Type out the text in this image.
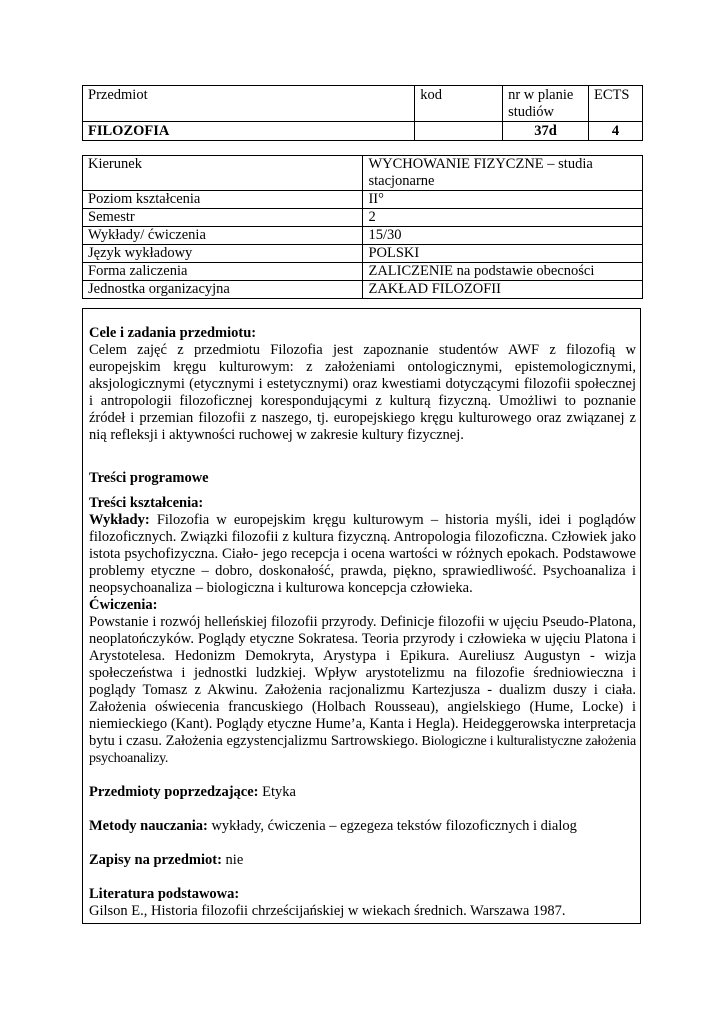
Przedmiot	kod	nr w planie studiów	ECTS
FILOZOFIA		37d	4
Kierunek	WYCHOWANIE FIZYCZNE – studia stacjonarne
Poziom kształcenia	II°
Semestr	2
Wykłady/ ćwiczenia	15/30
Język wykładowy	POLSKI
Forma zaliczenia	ZALICZENIE na podstawie obecności
Jednostka organizacyjna	ZAKŁAD FILOZOFII

Cele i zadania przedmiotu:

Celem zajęć z przedmiotu Filozofia jest zapoznanie studentów AWF z filozofią w europejskim kręgu kulturowym: z założeniami ontologicznymi, epistemologicznymi, aksjologicznymi (etycznymi i estetycznymi) oraz kwestiami dotyczącymi filozofii społecznej i antropologii filozoficznej korespondującymi z kulturą fizyczną. Umożliwi to poznanie źródeł i przemian filozofii z naszego, tj. europejskiego kręgu kulturowego oraz związanej z nią refleksji i aktywności ruchowej w zakresie kultury fizycznej.

Treści programowe

Treści kształcenia:

Wykłady: Filozofia w europejskim kręgu kulturowym – historia myśli, idei i poglądów filozoficznych. Związki filozofii z kultura fizyczną. Antropologia filozoficzna. Człowiek jako istota psychofizyczna. Ciało- jego recepcja i ocena wartości w różnych epokach. Podstawowe problemy etyczne – dobro, doskonałość, prawda, piękno, sprawiedliwość. Psychoanaliza i neopsychoanaliza – biologiczna i kulturowa koncepcja człowieka.

Ćwiczenia:

Powstanie i rozwój helleńskiej filozofii przyrody. Definicje filozofii w ujęciu Pseudo-Platona, neoplatończyków. Poglądy etyczne Sokratesa. Teoria przyrody i człowieka w ujęciu Platona i Arystotelesa. Hedonizm Demokryta, Arystypa i Epikura. Aureliusz Augustyn - wizja społeczeństwa i jednostki ludzkiej. Wpływ arystotelizmu na filozofie średniowieczna i poglądy Tomasz z Akwinu. Założenia racjonalizmu Kartezjusza - dualizm duszy i ciała. Założenia oświecenia francuskiego (Holbach Rousseau), angielskiego (Hume, Locke) i niemieckiego (Kant). Poglądy etyczne Hume’a, Kanta i Hegla). Heideggerowska interpretacja bytu i czasu. Założenia egzystencjalizmu Sartrowskiego. Biologiczne i kulturalistyczne założenia psychoanalizy.

Przedmioty poprzedzające: Etyka

Metody nauczania: wykłady, ćwiczenia – egzegeza tekstów filozoficznych i dialog

Zapisy na przedmiot: nie

Literatura podstawowa:

Gilson E., Historia filozofii chrześcijańskiej w wiekach średnich. Warszawa 1987.
